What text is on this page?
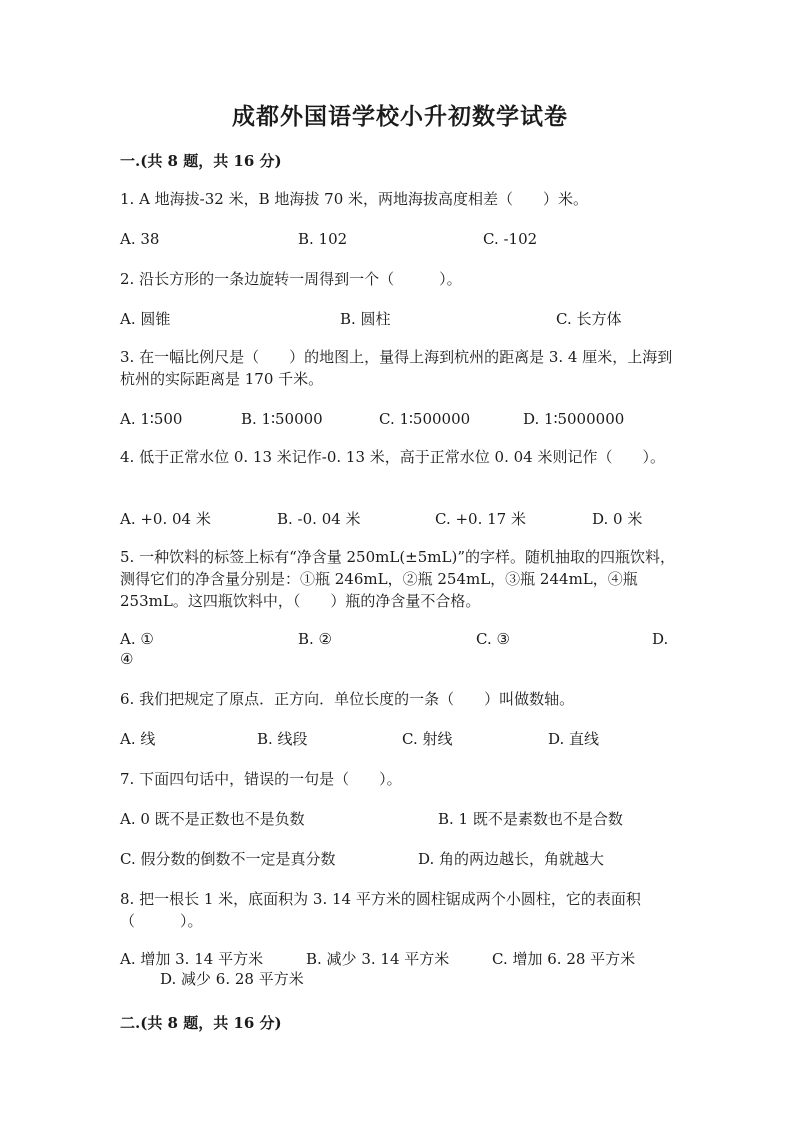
成都外国语学校小升初数学试卷
一.(共 8 题，共 16 分)
1. A 地海拔-32 米，B 地海拔 70 米，两地海拔高度相差（　　）米。
A. 38	B. 102	C. -102
2. 沿长方形的一条边旋转一周得到一个（　　　）。
A. 圆锥	B. 圆柱	C. 长方体
3. 在一幅比例尺是（　　）的地图上，量得上海到杭州的距离是 3. 4 厘米，上海到杭州的实际距离是 170 千米。
A. 1∶500	B. 1∶50000	C. 1∶500000	D. 1∶5000000
4. 低于正常水位 0. 13 米记作-0. 13 米，高于正常水位 0. 04 米则记作（　　）。
A. +0. 04 米	B. -0. 04 米	C. +0. 17 米	D. 0 米
5. 一种饮料的标签上标有“净含量 250mL(±5mL)”的字样。随机抽取的四瓶饮料，测得它们的净含量分别是：①瓶 246mL，②瓶 254mL，③瓶 244mL，④瓶 253mL。这四瓶饮料中，（　　）瓶的净含量不合格。
A. ①	B. ②	C. ③	D.
④
6. 我们把规定了原点．正方向．单位长度的一条（　　）叫做数轴。
A. 线	B. 线段	C. 射线	D. 直线
7. 下面四句话中，错误的一句是（　　）。
A. 0 既不是正数也不是负数	B. 1 既不是素数也不是合数
C. 假分数的倒数不一定是真分数	D. 角的两边越长，角就越大
8. 把一根长 1 米，底面积为 3. 14 平方米的圆柱锯成两个小圆柱，它的表面积（　　　）。
A. 增加 3. 14 平方米	B. 减少 3. 14 平方米	C. 增加 6. 28 平方米
D. 减少 6. 28 平方米
二.(共 8 题，共 16 分)
